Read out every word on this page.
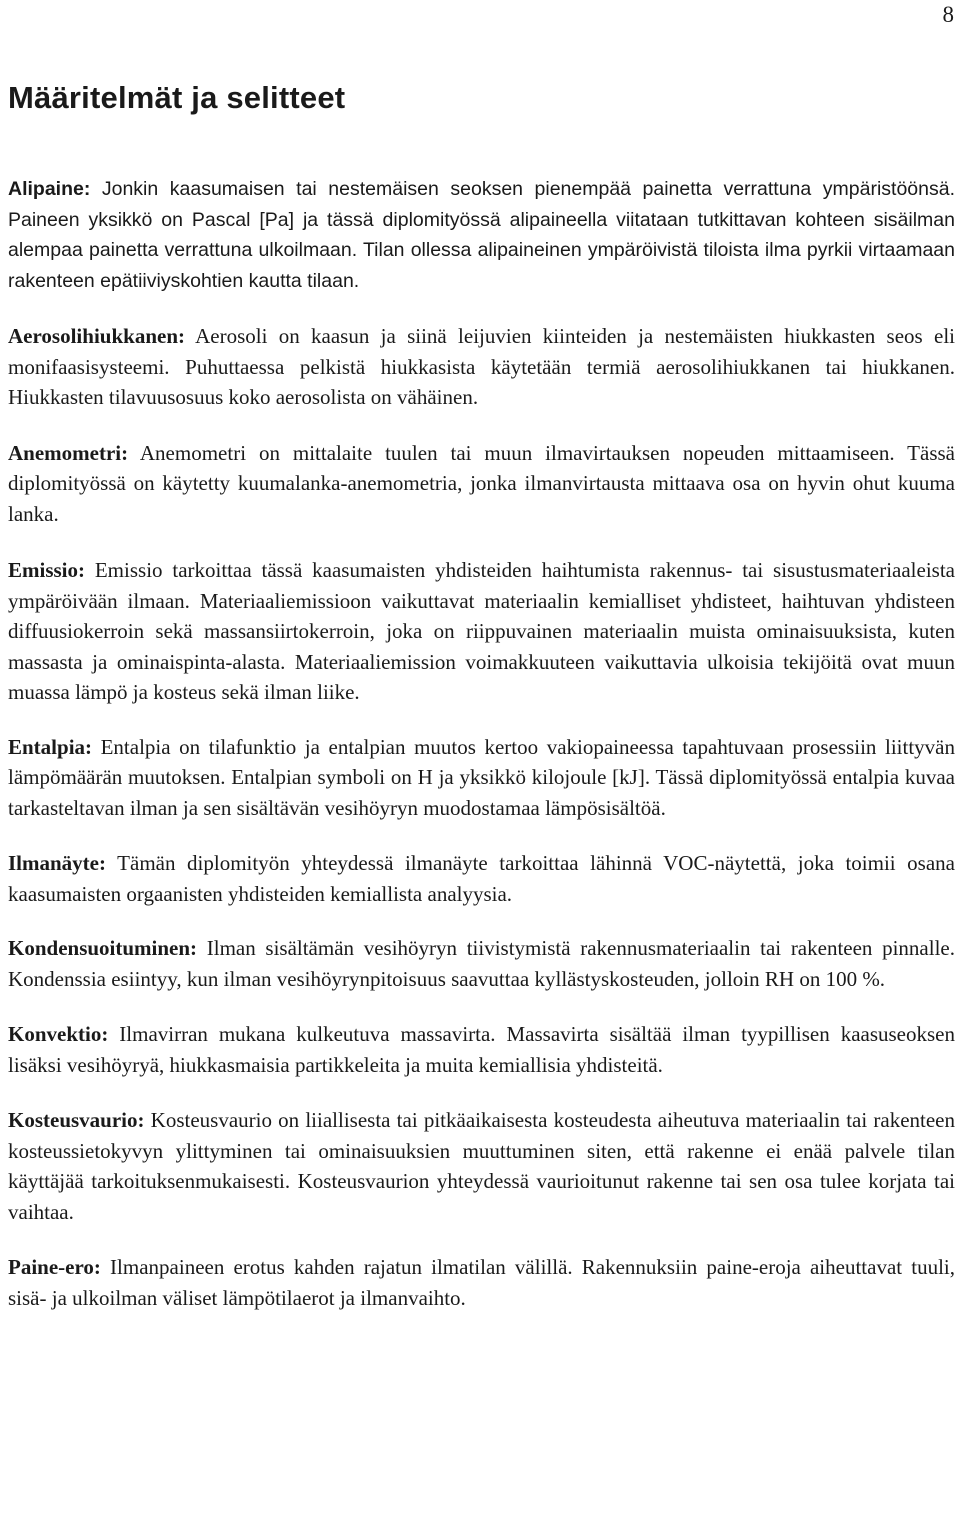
8
Määritelmät ja selitteet

Alipaine: Jonkin kaasumaisen tai nestemäisen seoksen pienempää painetta verrattuna ympäristöönsä. Paineen yksikkö on Pascal [Pa] ja tässä diplomityössä alipaineella viitataan tutkittavan kohteen sisäilman alempaa painetta verrattuna ulkoilmaan. Tilan ollessa alipaineinen ympäröivistä tiloista ilma pyrkii virtaamaan rakenteen epätiiviyskohtien kautta tilaan.

Aerosolihiukkanen: Aerosoli on kaasun ja siinä leijuvien kiinteiden ja nestemäisten hiukkasten seos eli monifaasisysteemi. Puhuttaessa pelkistä hiukkasista käytetään termiä aerosolihiukkanen tai hiukkanen. Hiukkasten tilavuusosuus koko aerosolista on vähäinen.

Anemometri: Anemometri on mittalaite tuulen tai muun ilmavirtauksen nopeuden mittaamiseen. Tässä diplomityössä on käytetty kuumalanka-anemometria, jonka ilmanvirtausta mittaava osa on hyvin ohut kuuma lanka.

Emissio: Emissio tarkoittaa tässä kaasumaisten yhdisteiden haihtumista rakennus- tai sisustusmateriaaleista ympäröivään ilmaan. Materiaaliemissioon vaikuttavat materiaalin kemialliset yhdisteet, haihtuvan yhdisteen diffuusiokerroin sekä massansiirtokerroin, joka on riippuvainen materiaalin muista ominaisuuksista, kuten massasta ja ominaispinta-alasta. Materiaaliemission voimakkuuteen vaikuttavia ulkoisia tekijöitä ovat muun muassa lämpö ja kosteus sekä ilman liike.

Entalpia: Entalpia on tilafunktio ja entalpian muutos kertoo vakiopaineessa tapahtuvaan prosessiin liittyvän lämpömäärän muutoksen. Entalpian symboli on H ja yksikkö kilojoule [kJ]. Tässä diplomityössä entalpia kuvaa tarkasteltavan ilman ja sen sisältävän vesihöyryn muodostamaa lämpösisältöä.

Ilmanäyte: Tämän diplomityön yhteydessä ilmanäyte tarkoittaa lähinnä VOC-näytettä, joka toimii osana kaasumaisten orgaanisten yhdisteiden kemiallista analyysia.

Kondensuoituminen: Ilman sisältämän vesihöyryn tiivistymistä rakennusmateriaalin tai rakenteen pinnalle. Kondenssia esiintyy, kun ilman vesihöyrynpitoisuus saavuttaa kyllästyskosteuden, jolloin RH on 100 %.

Konvektio: Ilmavirran mukana kulkeutuva massavirta. Massavirta sisältää ilman tyypillisen kaasuseoksen lisäksi vesihöyryä, hiukkasmaisia partikkeleita ja muita kemiallisia yhdisteitä.

Kosteusvaurio: Kosteusvaurio on liiallisesta tai pitkäaikaisesta kosteudesta aiheutuva materiaalin tai rakenteen kosteussietokyvyn ylittyminen tai ominaisuuksien muuttuminen siten, että rakenne ei enää palvele tilan käyttäjää tarkoituksenmukaisesti. Kosteusvaurion yhteydessä vaurioitunut rakenne tai sen osa tulee korjata tai vaihtaa.

Paine-ero: Ilmanpaineen erotus kahden rajatun ilmatilan välillä. Rakennuksiin paine-eroja aiheuttavat tuuli, sisä- ja ulkoilman väliset lämpötilaerot ja ilmanvaihto.
